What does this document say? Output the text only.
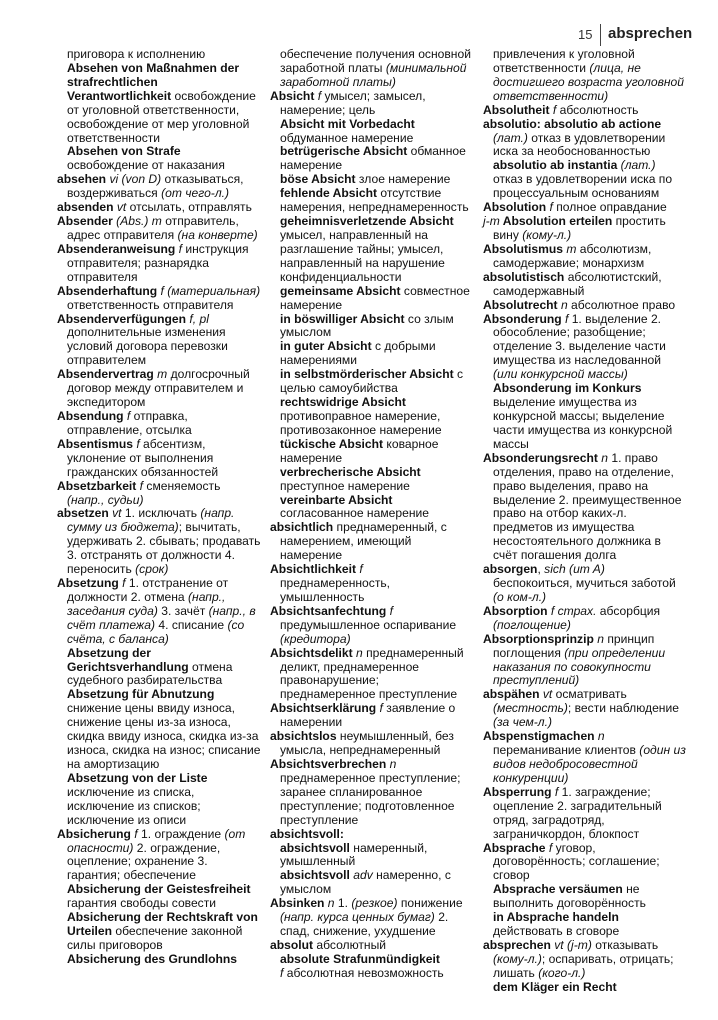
15 absprechen

приговора к исполнению

Absehen von Maßnahmen der strafrechtlichen Verantwortlichkeit освобождение от уголовной ответственности, освобождение от мер уголовной ответственности

Absehen von Strafe освобождение от наказания

absehen vi (von D) отказываться, воздерживаться (от чего-л.)

absenden vt отсылать, отправлять

Absender (Abs.) m отправитель, адрес отправителя (на конверте)

Absenderanweisung f инструкция отправителя; разнарядка отправителя

Absenderhaftung f (материальная) ответственность отправителя

Absenderverfügungen f, pl дополнительные изменения условий договора перевозки отправителем

Absendervertrag m долгосрочный договор между отправителем и экспедитором

Absendung f отправка, отправление, отсылка

Absentismus f абсентизм, уклонение от выполнения гражданских обязанностей

Absetzbarkeit f сменяемость (напр., судьи)

absetzen vt 1. исключать (напр. сумму из бюджета); вычитать, удерживать 2. сбывать; продавать 3. отстранять от должности 4. переносить (срок)

Absetzung f 1. отстранение от должности 2. отмена (напр., заседания суда) 3. зачёт (напр., в счёт платежа) 4. списание (со счёта, с баланса)

Absetzung der Gerichtsverhandlung отмена судебного разбирательства

Absetzung für Abnutzung снижение цены ввиду износа, снижение цены из-за износа, скидка ввиду износа, скидка из-за износа, скидка на износ; списание на амортизацию

Absetzung von der Liste исключение из списка, исключение из списков; исключение из описи

Absicherung f 1. ограждение (от опасности) 2. ограждение, оцепление; охранение 3. гарантия; обеспечение

Absicherung der Geistesfreiheit гарантия свободы совести

Absicherung der Rechtskraft von Urteilen обеспечение законной силы приговоров

Absicherung des Grundlohns

обеспечение получения основной заработной платы (минимальной заработной платы)

Absicht f умысел; замысел, намерение; цель

Absicht mit Vorbedacht обдуманное намерение

betrügerische Absicht обманное намерение

böse Absicht злое намерение

fehlende Absicht отсутствие намерения, непреднамеренность

geheimnisverletzende Absicht умысел, направленный на разглашение тайны; умысел, направленный на нарушение конфиденциальности

gemeinsame Absicht совместное намерение

in böswilliger Absicht со злым умыслом

in guter Absicht с добрыми намерениями

in selbstmörderischer Absicht с целью самоубийства

rechtswidrige Absicht противоправное намерение, противозаконное намерение

tückische Absicht коварное намерение

verbrecherische Absicht преступное намерение

vereinbarte Absicht согласованное намерение

absichtlich преднамеренный, с намерением, имеющий намерение

Absichtlichkeit f преднамеренность, умышленность

Absichtsanfechtung f предумышленное оспаривание (кредитора)

Absichtsdelikt n преднамеренный деликт, преднамеренное правонарушение; преднамеренное преступление

Absichtserklärung f заявление о намерении

absichtslos неумышленный, без умысла, непреднамеренный

Absichtsverbrechen n преднамеренное преступление; заранее спланированное преступление; подготовленное преступление

absichtsvoll:

absichtsvoll намеренный, умышленный

absichtsvoll adv намеренно, с умыслом

Absinken n 1. (резкое) понижение (напр. курса ценных бумаг) 2. спад, снижение, ухудшение

absolut абсолютный

absolute Strafunmündigkeit

f абсолютная невозможность

привлечения к уголовной ответственности (лица, не достигшего возраста уголовной ответственности)

Absolutheit f абсолютность

absolutio: absolutio ab actione (лат.) отказ в удовлетворении иска за необоснованностью

absolutio ab instantia (лат.) отказ в удовлетворении иска по процессуальным основаниям

Absolution f полное оправдание

j-m Absolution erteilen простить вину (кому-л.)

Absolutismus m абсолютизм, самодержавие; монархизм

absolutistisch абсолютистский, самодержавный

Absolutrecht n абсолютное право

Absonderung f 1. выделение 2. обособление; разобщение; отделение 3. выделение части имущества из наследованной (или конкурсной массы)

Absonderung im Konkurs выделение имущества из конкурсной массы; выделение части имущества из конкурсной массы

Absonderungsrecht n 1. право отделения, право на отделение, право выделения, право на выделение 2. преимущественное право на отбор каких-л. предметов из имущества несостоятельного должника в счёт погашения долга

absorgen, sich (um A) беспокоиться, мучиться заботой (о ком-л.)

Absorption f страх. абсорбция (поглощение)

Absorptionsprinzip n принцип поглощения (при определении наказания по совокупности преступлений)

abspähen vt осматривать (местность); вести наблюдение (за чем-л.)

Abspenstigmachen n переманивание клиентов (один из видов недобросовестной конкуренции)

Absperrung f 1. заграждение; оцепление 2. заградительный отряд, заградотряд, заграничкордон, блокпост

Absprache f уговор, договорённость; соглашение; сговор

Absprache versäumen не выполнить договорённость

in Absprache handeln действовать в сговоре

absprechen vt (j-m) отказывать (кому-л.); оспаривать, отрицать; лишать (кого-л.)

dem Kläger ein Recht
